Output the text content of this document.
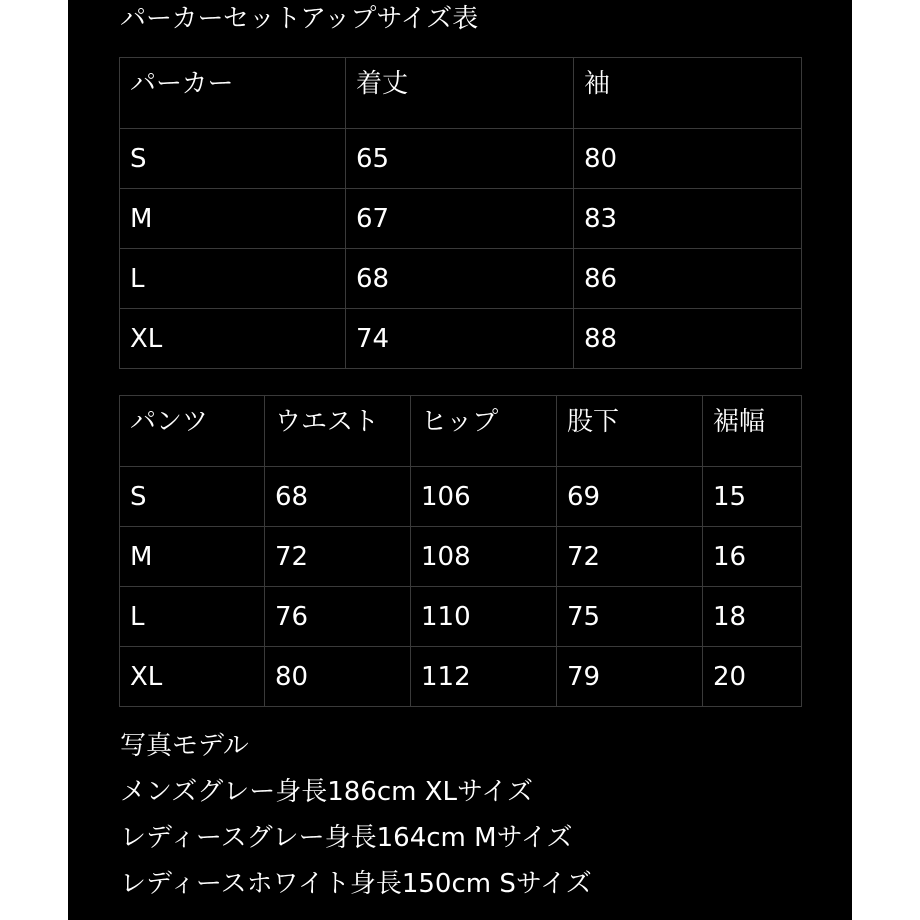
パーカーセットアップサイズ表
パーカー	着丈	袖
S	65	80
M	67	83
L	68	86
XL	74	88
パンツ	ウエスト	ヒップ	股下	裾幅
S	68	106	69	15
M	72	108	72	16
L	76	110	75	18
XL	80	112	79	20
写真モデル
メンズグレー身長186cm XLサイズ
レディースグレー身長164cm Mサイズ
レディースホワイト身長150cm Sサイズ
